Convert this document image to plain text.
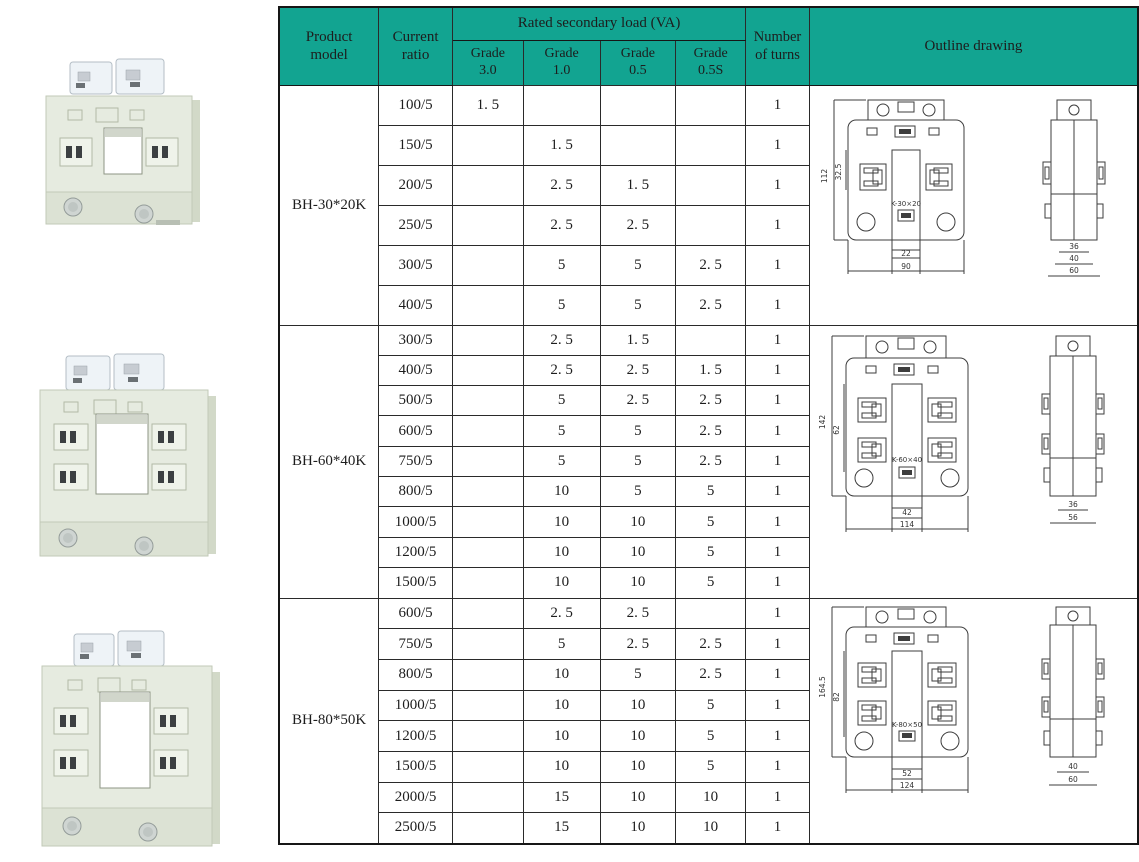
Product model	Current ratio	Rated secondary load (VA)				Number of turns	Outline drawing
		Grade 3.0	Grade 1.0	Grade 0.5	Grade 0.5S		
BH-30*20K	100/5	1. 5				1	
K-30×20
112 32.5
22
90
36
40
60

	150/5		1. 5			1	
	200/5		2. 5	1. 5		1	
	250/5		2. 5	2. 5		1	
	300/5		5	5	2. 5	1	
	400/5		5	5	2. 5	1	
BH-60*40K	300/5		2. 5	1. 5		1	
K-60×40
142
62
42
114
36
56

	400/5		2. 5	2. 5	1. 5	1	
	500/5		5	2. 5	2. 5	1	
	600/5		5	5	2. 5	1	
	750/5		5	5	2. 5	1	
	800/5		10	5	5	1	
	1000/5		10	10	5	1	
	1200/5		10	10	5	1	
	1500/5		10	10	5	1	
BH-80*50K	600/5		2. 5	2. 5		1	
K-80×50
164.5 82
52
124
40
60

	750/5		5	2. 5	2. 5	1	
	800/5		10	5	2. 5	1	
	1000/5		10	10	5	1	
	1200/5		10	10	5	1	
	1500/5		10	10	5	1	
	2000/5		15	10	10	1	
	2500/5		15	10	10	1	
